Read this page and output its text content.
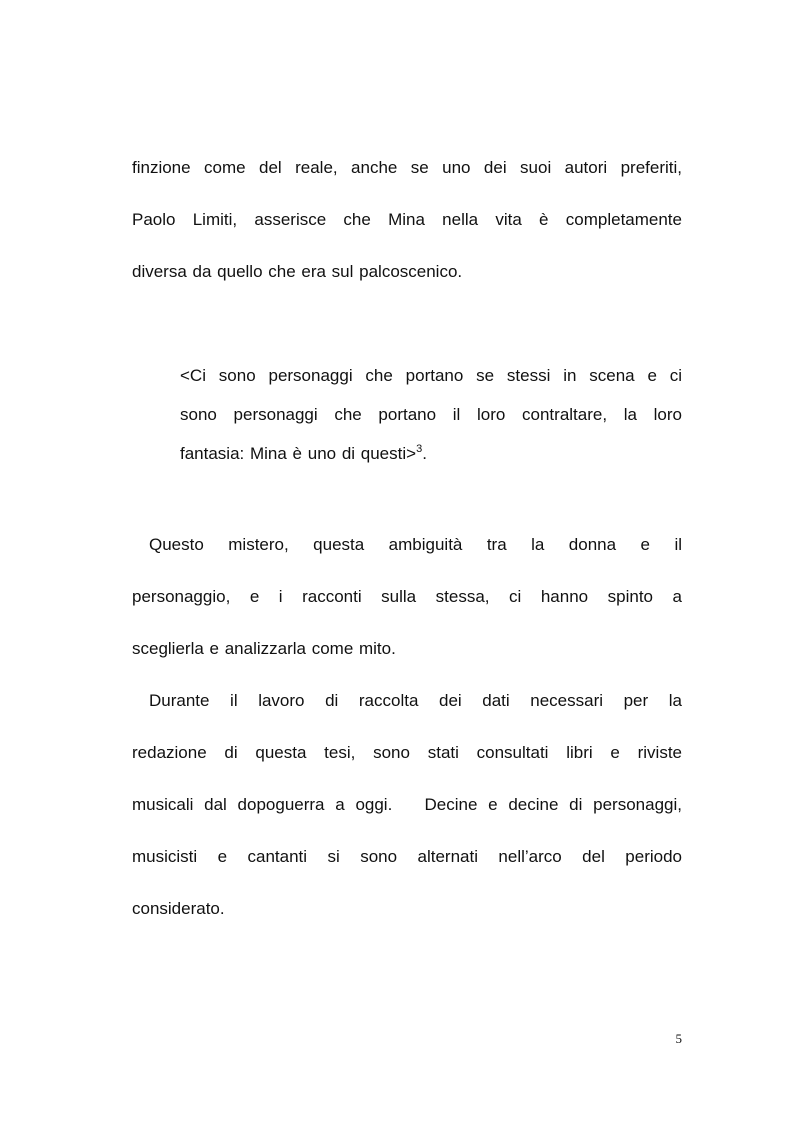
finzione come del reale, anche se uno dei suoi autori preferiti,
Paolo Limiti, asserisce che Mina nella vita è completamente
diversa da quello che era sul palcoscenico.
<Ci sono personaggi che portano se stessi in scena e ci
sono personaggi che portano il loro contraltare, la loro
fantasia: Mina è uno di questi>$^3$.
Questo mistero, questa ambiguità tra la donna e il
personaggio, e i racconti sulla stessa, ci hanno spinto a
sceglierla e analizzarla come mito.
Durante il lavoro di raccolta dei dati necessari per la
redazione di questa tesi, sono stati consultati libri e riviste
musicali dal dopoguerra a oggi.   Decine e decine di personaggi,
musicisti e cantanti si sono alternati nell’arco del periodo
considerato.
5
